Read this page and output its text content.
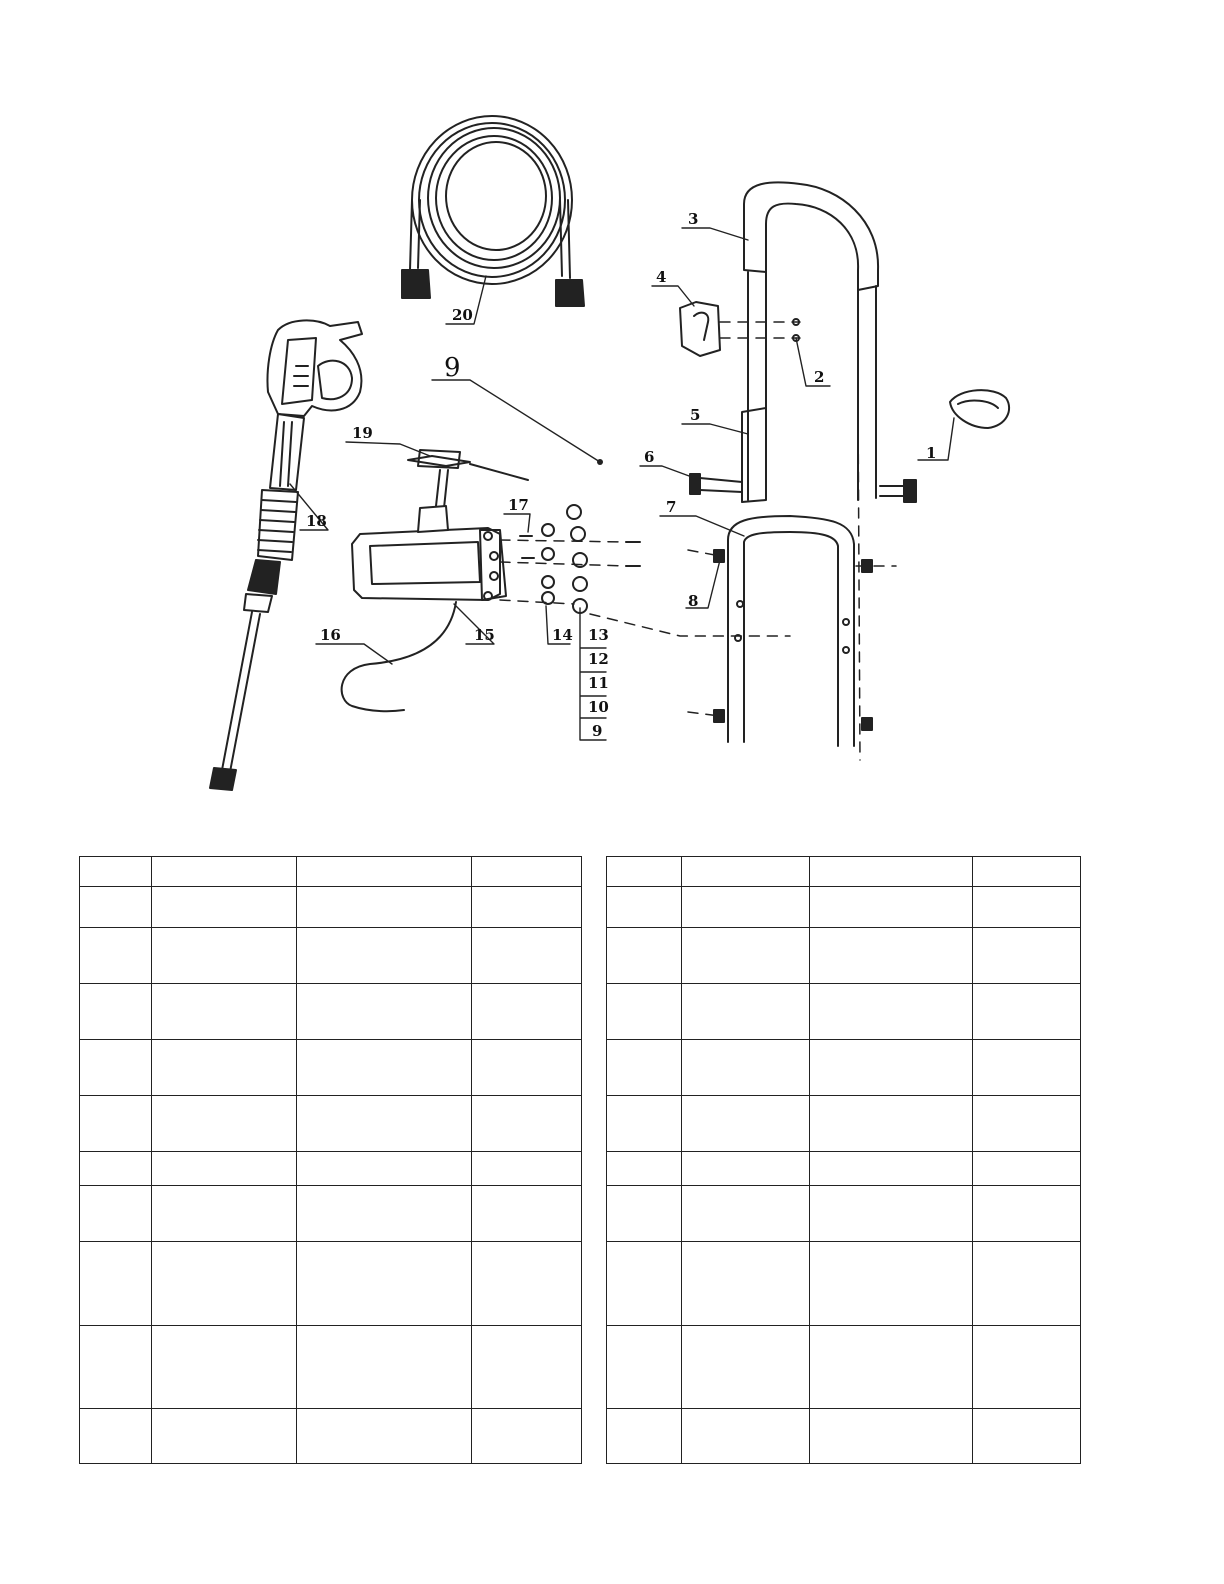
1
2
3
4
5
6
7
8
9
13
12
11
10
9
14
15
16
17
18
19
20
